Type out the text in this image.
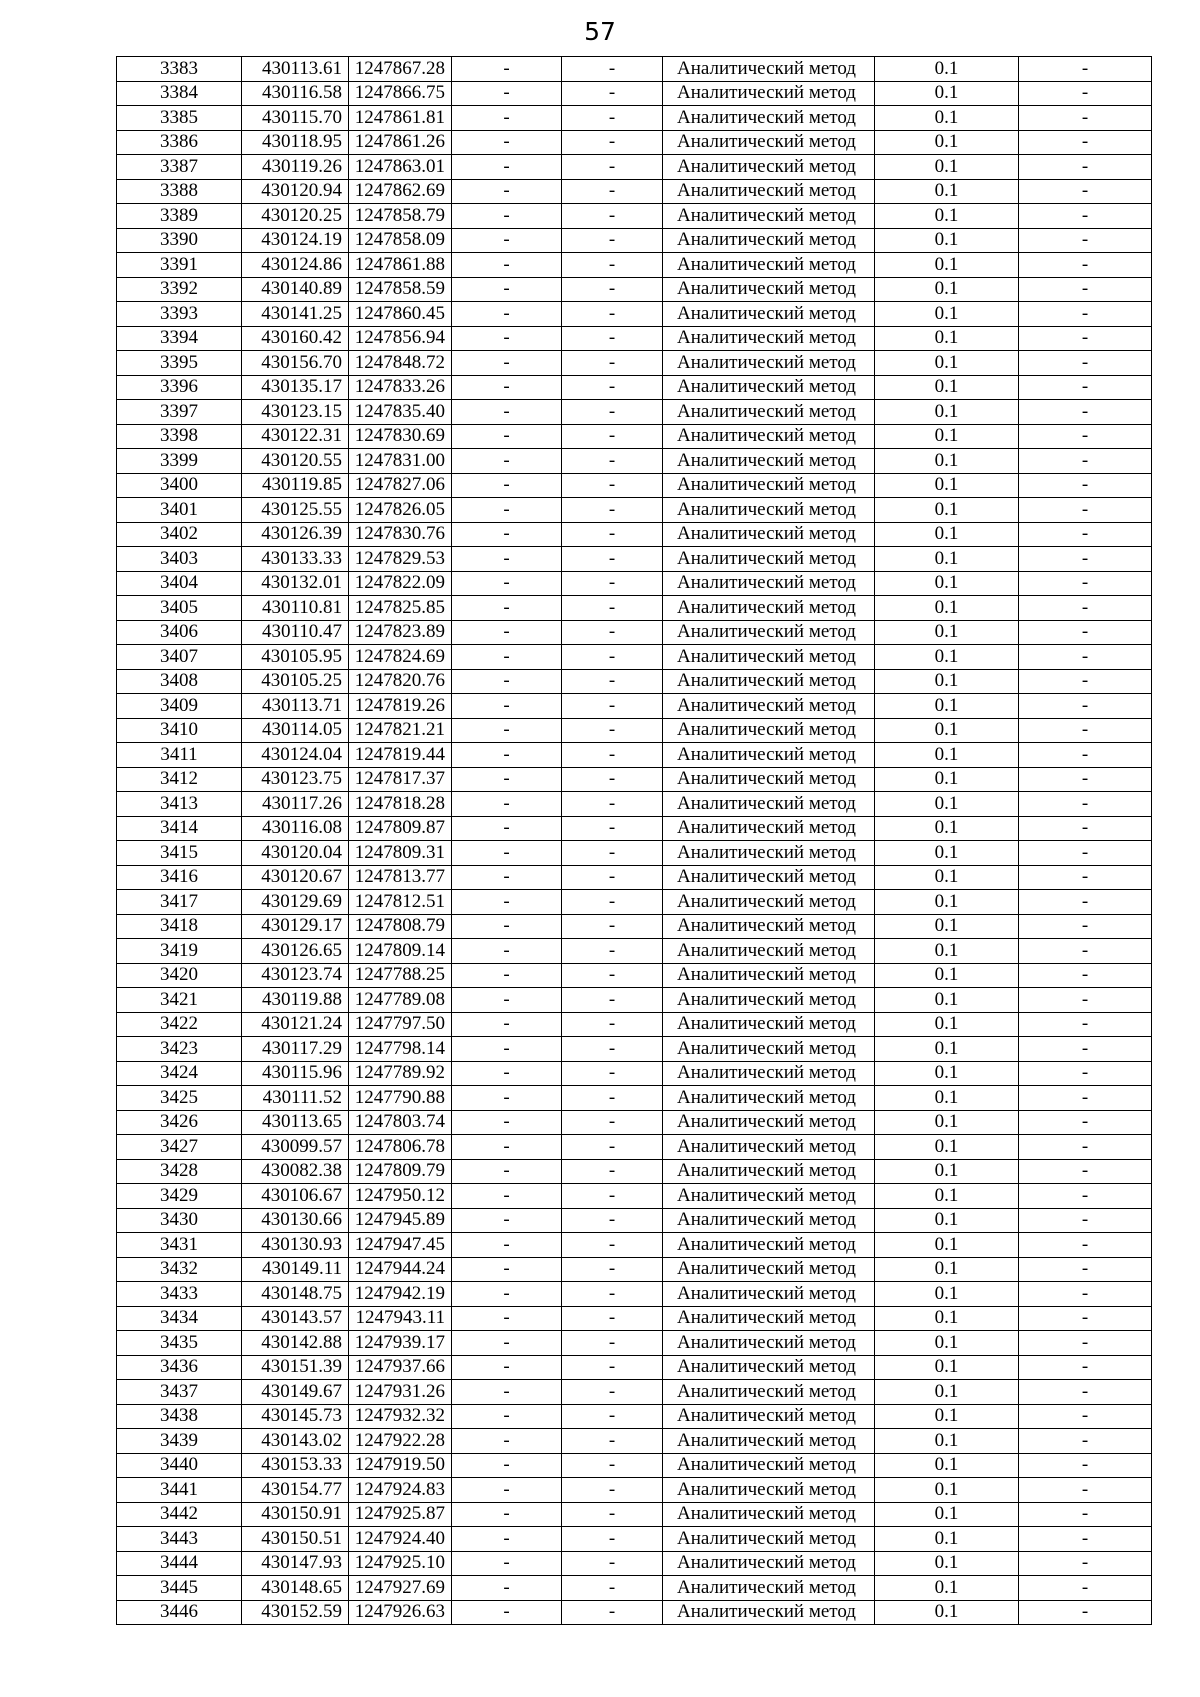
57
3383	430113.61	1247867.28	-	-	Аналитический метод	0.1	-
3384	430116.58	1247866.75	-	-	Аналитический метод	0.1	-
3385	430115.70	1247861.81	-	-	Аналитический метод	0.1	-
3386	430118.95	1247861.26	-	-	Аналитический метод	0.1	-
3387	430119.26	1247863.01	-	-	Аналитический метод	0.1	-
3388	430120.94	1247862.69	-	-	Аналитический метод	0.1	-
3389	430120.25	1247858.79	-	-	Аналитический метод	0.1	-
3390	430124.19	1247858.09	-	-	Аналитический метод	0.1	-
3391	430124.86	1247861.88	-	-	Аналитический метод	0.1	-
3392	430140.89	1247858.59	-	-	Аналитический метод	0.1	-
3393	430141.25	1247860.45	-	-	Аналитический метод	0.1	-
3394	430160.42	1247856.94	-	-	Аналитический метод	0.1	-
3395	430156.70	1247848.72	-	-	Аналитический метод	0.1	-
3396	430135.17	1247833.26	-	-	Аналитический метод	0.1	-
3397	430123.15	1247835.40	-	-	Аналитический метод	0.1	-
3398	430122.31	1247830.69	-	-	Аналитический метод	0.1	-
3399	430120.55	1247831.00	-	-	Аналитический метод	0.1	-
3400	430119.85	1247827.06	-	-	Аналитический метод	0.1	-
3401	430125.55	1247826.05	-	-	Аналитический метод	0.1	-
3402	430126.39	1247830.76	-	-	Аналитический метод	0.1	-
3403	430133.33	1247829.53	-	-	Аналитический метод	0.1	-
3404	430132.01	1247822.09	-	-	Аналитический метод	0.1	-
3405	430110.81	1247825.85	-	-	Аналитический метод	0.1	-
3406	430110.47	1247823.89	-	-	Аналитический метод	0.1	-
3407	430105.95	1247824.69	-	-	Аналитический метод	0.1	-
3408	430105.25	1247820.76	-	-	Аналитический метод	0.1	-
3409	430113.71	1247819.26	-	-	Аналитический метод	0.1	-
3410	430114.05	1247821.21	-	-	Аналитический метод	0.1	-
3411	430124.04	1247819.44	-	-	Аналитический метод	0.1	-
3412	430123.75	1247817.37	-	-	Аналитический метод	0.1	-
3413	430117.26	1247818.28	-	-	Аналитический метод	0.1	-
3414	430116.08	1247809.87	-	-	Аналитический метод	0.1	-
3415	430120.04	1247809.31	-	-	Аналитический метод	0.1	-
3416	430120.67	1247813.77	-	-	Аналитический метод	0.1	-
3417	430129.69	1247812.51	-	-	Аналитический метод	0.1	-
3418	430129.17	1247808.79	-	-	Аналитический метод	0.1	-
3419	430126.65	1247809.14	-	-	Аналитический метод	0.1	-
3420	430123.74	1247788.25	-	-	Аналитический метод	0.1	-
3421	430119.88	1247789.08	-	-	Аналитический метод	0.1	-
3422	430121.24	1247797.50	-	-	Аналитический метод	0.1	-
3423	430117.29	1247798.14	-	-	Аналитический метод	0.1	-
3424	430115.96	1247789.92	-	-	Аналитический метод	0.1	-
3425	430111.52	1247790.88	-	-	Аналитический метод	0.1	-
3426	430113.65	1247803.74	-	-	Аналитический метод	0.1	-
3427	430099.57	1247806.78	-	-	Аналитический метод	0.1	-
3428	430082.38	1247809.79	-	-	Аналитический метод	0.1	-
3429	430106.67	1247950.12	-	-	Аналитический метод	0.1	-
3430	430130.66	1247945.89	-	-	Аналитический метод	0.1	-
3431	430130.93	1247947.45	-	-	Аналитический метод	0.1	-
3432	430149.11	1247944.24	-	-	Аналитический метод	0.1	-
3433	430148.75	1247942.19	-	-	Аналитический метод	0.1	-
3434	430143.57	1247943.11	-	-	Аналитический метод	0.1	-
3435	430142.88	1247939.17	-	-	Аналитический метод	0.1	-
3436	430151.39	1247937.66	-	-	Аналитический метод	0.1	-
3437	430149.67	1247931.26	-	-	Аналитический метод	0.1	-
3438	430145.73	1247932.32	-	-	Аналитический метод	0.1	-
3439	430143.02	1247922.28	-	-	Аналитический метод	0.1	-
3440	430153.33	1247919.50	-	-	Аналитический метод	0.1	-
3441	430154.77	1247924.83	-	-	Аналитический метод	0.1	-
3442	430150.91	1247925.87	-	-	Аналитический метод	0.1	-
3443	430150.51	1247924.40	-	-	Аналитический метод	0.1	-
3444	430147.93	1247925.10	-	-	Аналитический метод	0.1	-
3445	430148.65	1247927.69	-	-	Аналитический метод	0.1	-
3446	430152.59	1247926.63	-	-	Аналитический метод	0.1	-
